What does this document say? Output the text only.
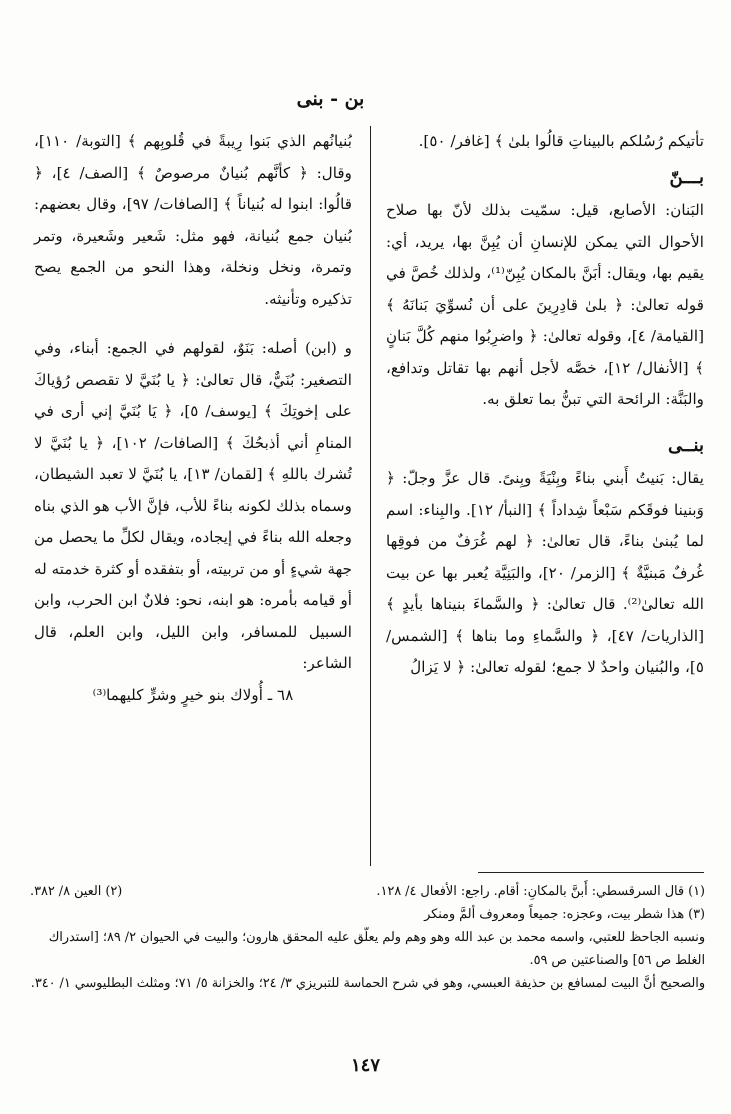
بن - بنى

تأتيكم رُسُلكم بالبيناتِ قالُوا بلىٰ ﴾ [غافر/ ٥٠].

بـــنّ

البَنان: الأصابع، قيل: سمّيت بذلك لأنّ بها صلاح الأحوال التي يمكن للإنسانِ أن يُبِنَّ بها، يريد، أي: يقيم بها، ويقال: أبَنَّ بالمكان يُبِنّ⁽¹⁾، ولذلك خُصَّ في قوله تعالىٰ: ﴿ بلىٰ قادِرِينَ على أن نُسوِّيَ بَنانَهُ ﴾ [القيامة/ ٤]، وقوله تعالىٰ: ﴿ واضرِبُوا منهم كُلَّ بَنانٍ ﴾ [الأنفال/ ١٢]، خصَّه لأجل أنهم بها تقاتل وتدافع، والبَنَّة: الرائحة التي تبنُّ بما تعلق به.

بنــى

يقال: بَنيتُ أَبني بناءً وبِنْيَةً وبِنىً. قال عزَّ وجلّ: ﴿ وَبنينا فوقَكم سَبْعاً شِداداً ﴾ [النبأ/ ١٢]. والبِناء: اسم لما يُبنىٰ بناءً، قال تعالىٰ: ﴿ لهم غُرَفٌ من فوقِها غُرفٌ مَبنيَّةٌ ﴾ [الزمر/ ٢٠]، والبَنِيَّة يُعبر بها عن بيت الله تعالىٰ⁽²⁾. قال تعالىٰ: ﴿ والسَّماءَ بنيناها بأيدٍ ﴾ [الذاريات/ ٤٧]، ﴿ والسَّماءِ وما بناها ﴾ [الشمس/ ٥]، والبُنيان واحدٌ لا جمع؛ لقوله تعالىٰ: ﴿ لا يَزالُ

بُنيانُهم الذي بَنوا رِيبةً في قُلوبِهم ﴾ [التوبة/ ١١٠]، وقال: ﴿ كأنَّهم بُنيانٌ مرصوصٌ ﴾ [الصف/ ٤]، ﴿ قالُوا: ابنوا له بُنياناً ﴾ [الصافات/ ٩٧]، وقال بعضهم: بُنيان جمع بُنيانة، فهو مثل: شَعير وشَعيرة، وتمر وتمرة، ونخل ونخلة، وهذا النحو من الجمع يصح تذكيره وتأنيثه.

و (ابن) أصله: بَنَوٌ، لقولهم في الجمع: أبناء، وفي التصغير: بُنَيٌّ، قال تعالىٰ: ﴿ يا بُنَيَّ لا تقصص رُؤياكَ على إخوتِكَ ﴾ [يوسف/ ٥]، ﴿ يَا بُنَيَّ إني أرى في المنامِ أني أذبحُكَ ﴾ [الصافات/ ١٠٢]، ﴿ يا بُنَيَّ لا تُشرك باللهِ ﴾ [لقمان/ ١٣]، يا بُنَيَّ لا تعبد الشيطان، وسماه بذلك لكونه بناءً للأب، فإنَّ الأب هو الذي بناه وجعله الله بناءً في إيجاده، ويقال لكلِّ ما يحصل من جهة شيءٍ أو من تربيته، أو بتفقده أو كثرة خدمته له أو قيامه بأمره: هو ابنه، نحو: فلانٌ ابن الحرب، وابن السبيل للمسافر، وابن الليل، وابن العلم، قال الشاعر:

٦٨ ـ أُولاك بنو خيرٍ وشرٍّ كليهما⁽³⁾
(١) قال السرقسطي: أَبنَّ بالمكانِ: أقام. راجع: الأفعال ٤/ ١٢٨.
(٢) العين ٨/ ٣٨٢.

(٣) هذا شطر بيت، وعجزه: جميعاً ومعروف ألمَّ ومنكر

ونسبه الجاحظ للعتبي، واسمه محمد بن عبد الله وهو وهم ولم يعلّق عليه المحقق هارون؛ والبيت في الحيوان ٢/ ٨٩؛ [استدراك الغلط ص ٥٦] والصناعتين ص ٥٩.

والصحيح أنَّ البيت لمسافع بن حذيفة العبسي، وهو في شرح الحماسة للتبريزي ٣/ ٢٤؛ والخزانة ٥/ ٧١؛ ومثلث البطليوسي ١/ ٣٤٠.

١٤٧
